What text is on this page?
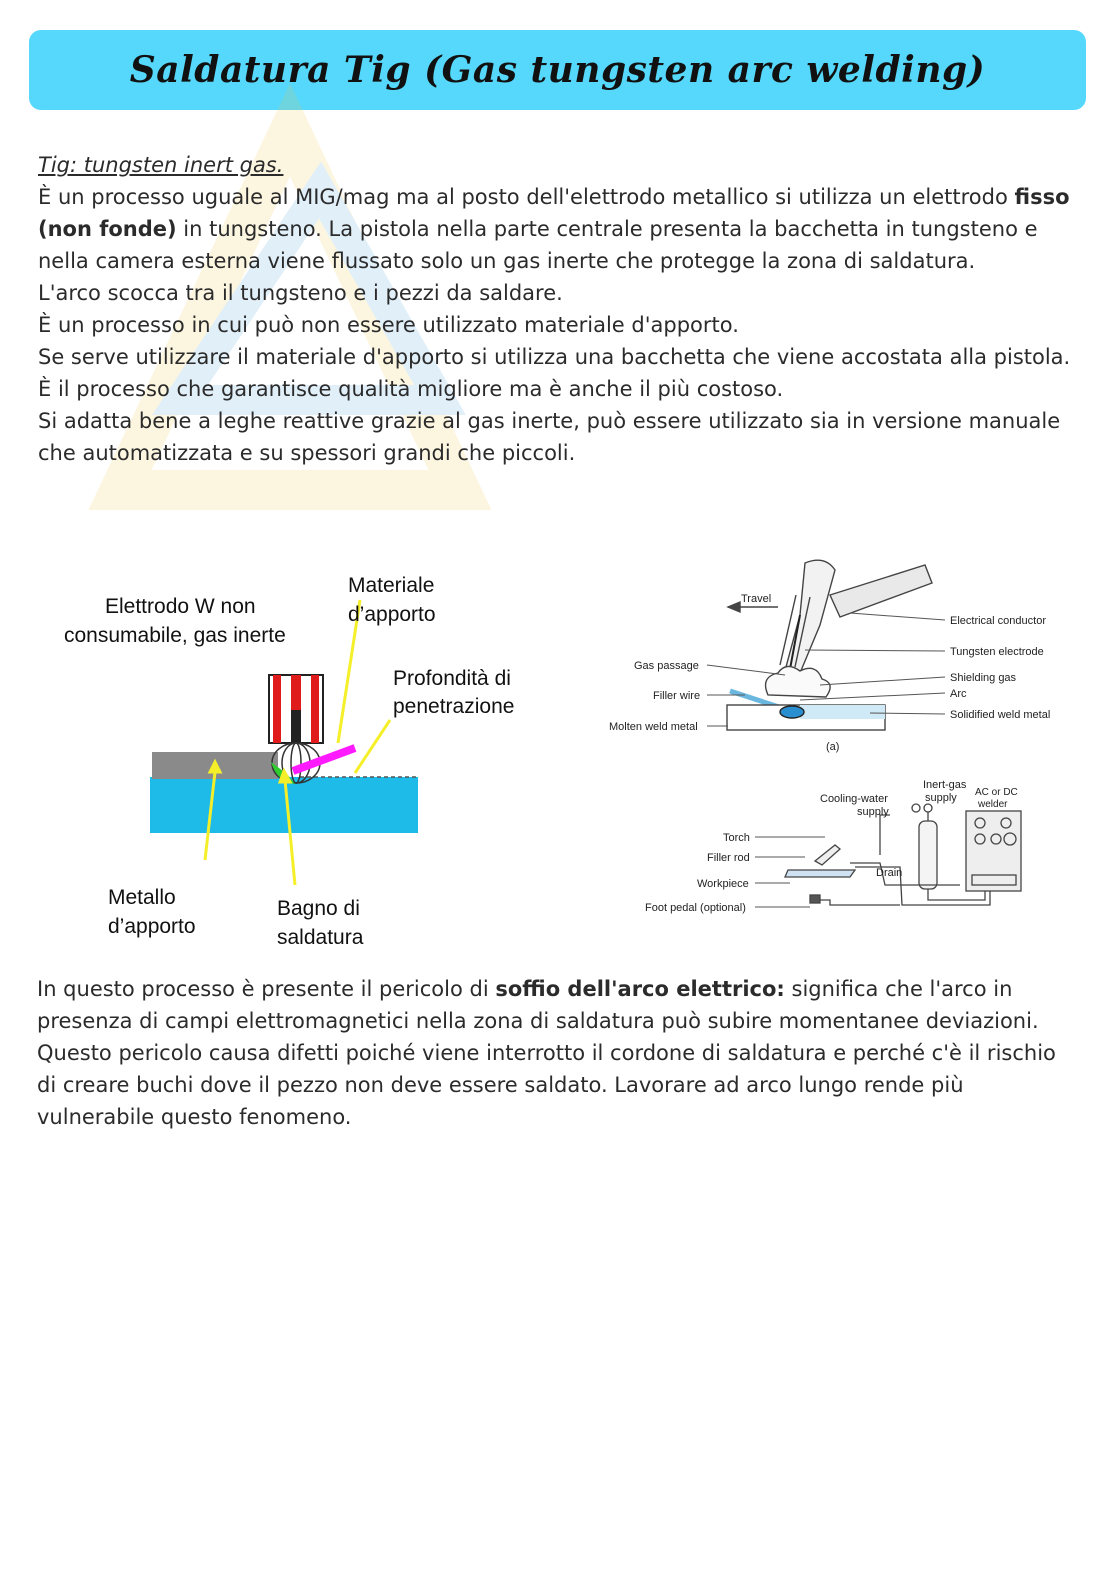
Saldatura Tig (Gas tungsten arc welding)

Tig: tungsten inert gas.

È un processo uguale al MIG/mag ma al posto dell'elettrodo metallico si utilizza un elettrodo fisso (non fonde) in tungsteno. La pistola nella parte centrale presenta la bacchetta in tungsteno e nella camera esterna viene flussato solo un gas inerte che protegge la zona di saldatura.

L'arco scocca tra il tungsteno e i pezzi da saldare.

È un processo in cui può non essere utilizzato materiale d'apporto.

Se serve utilizzare il materiale d'apporto si utilizza una bacchetta che viene accostata alla pistola. È il processo che garantisce qualità migliore ma è anche il più costoso.

Si adatta bene a leghe reattive grazie al gas inerte, può essere utilizzato sia in versione manuale che automatizzata e su spessori grandi che piccoli.

Elettrodo W non
consumabile, gas inerte
Materiale
d’apporto
Profondità di
penetrazione
Metallo
d’apporto
Bagno di
saldatura
Travel
Electrical conductor
Tungsten electrode
Shielding gas
Arc
Solidified weld metal
Gas passage
Filler wire
Molten weld metal
(a)
Inert-gas
supply AC or DC
welder
Cooling-water
supply
Torch
Filler rod
Workpiece
Foot pedal (optional)
Drain

In questo processo è presente il pericolo di soffio dell'arco elettrico: significa che l'arco in presenza di campi elettromagnetici nella zona di saldatura può subire momentanee deviazioni.

Questo pericolo causa difetti poiché viene interrotto il cordone di saldatura e perché c'è il rischio di creare buchi dove il pezzo non deve essere saldato. Lavorare ad arco lungo rende più vulnerabile questo fenomeno.
